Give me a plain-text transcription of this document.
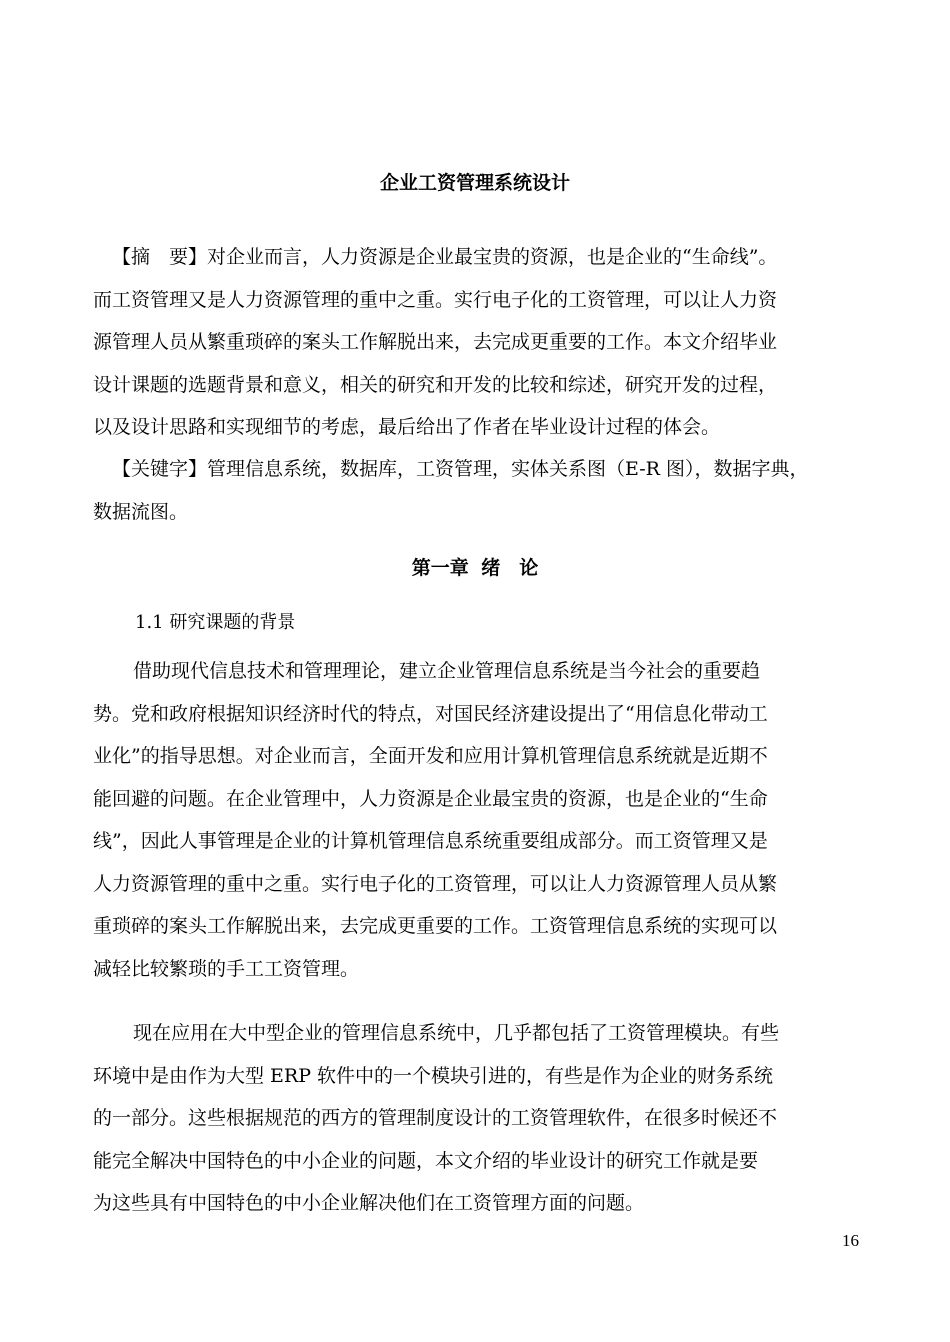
企业工资管理系统设计
【摘　要】对企业而言，人力资源是企业最宝贵的资源，也是企业的“生命线”。
而工资管理又是人力资源管理的重中之重。实行电子化的工资管理，可以让人力资
源管理人员从繁重琐碎的案头工作解脱出来，去完成更重要的工作。本文介绍毕业
设计课题的选题背景和意义，相关的研究和开发的比较和综述，研究开发的过程，
以及设计思路和实现细节的考虑，最后给出了作者在毕业设计过程的体会。
【关键字】管理信息系统，数据库，工资管理，实体关系图（E-R 图），数据字典，
数据流图。
第一章 绪　论
1.1 研究课题的背景
借助现代信息技术和管理理论，建立企业管理信息系统是当今社会的重要趋
势。党和政府根据知识经济时代的特点，对国民经济建设提出了“用信息化带动工
业化”的指导思想。对企业而言，全面开发和应用计算机管理信息系统就是近期不
能回避的问题。在企业管理中，人力资源是企业最宝贵的资源，也是企业的“生命
线”，因此人事管理是企业的计算机管理信息系统重要组成部分。而工资管理又是
人力资源管理的重中之重。实行电子化的工资管理，可以让人力资源管理人员从繁
重琐碎的案头工作解脱出来，去完成更重要的工作。工资管理信息系统的实现可以
减轻比较繁琐的手工工资管理。
现在应用在大中型企业的管理信息系统中，几乎都包括了工资管理模块。有些
环境中是由作为大型 ERP 软件中的一个模块引进的，有些是作为企业的财务系统
的一部分。这些根据规范的西方的管理制度设计的工资管理软件，在很多时候还不
能完全解决中国特色的中小企业的问题，本文介绍的毕业设计的研究工作就是要
为这些具有中国特色的中小企业解决他们在工资管理方面的问题。
16
